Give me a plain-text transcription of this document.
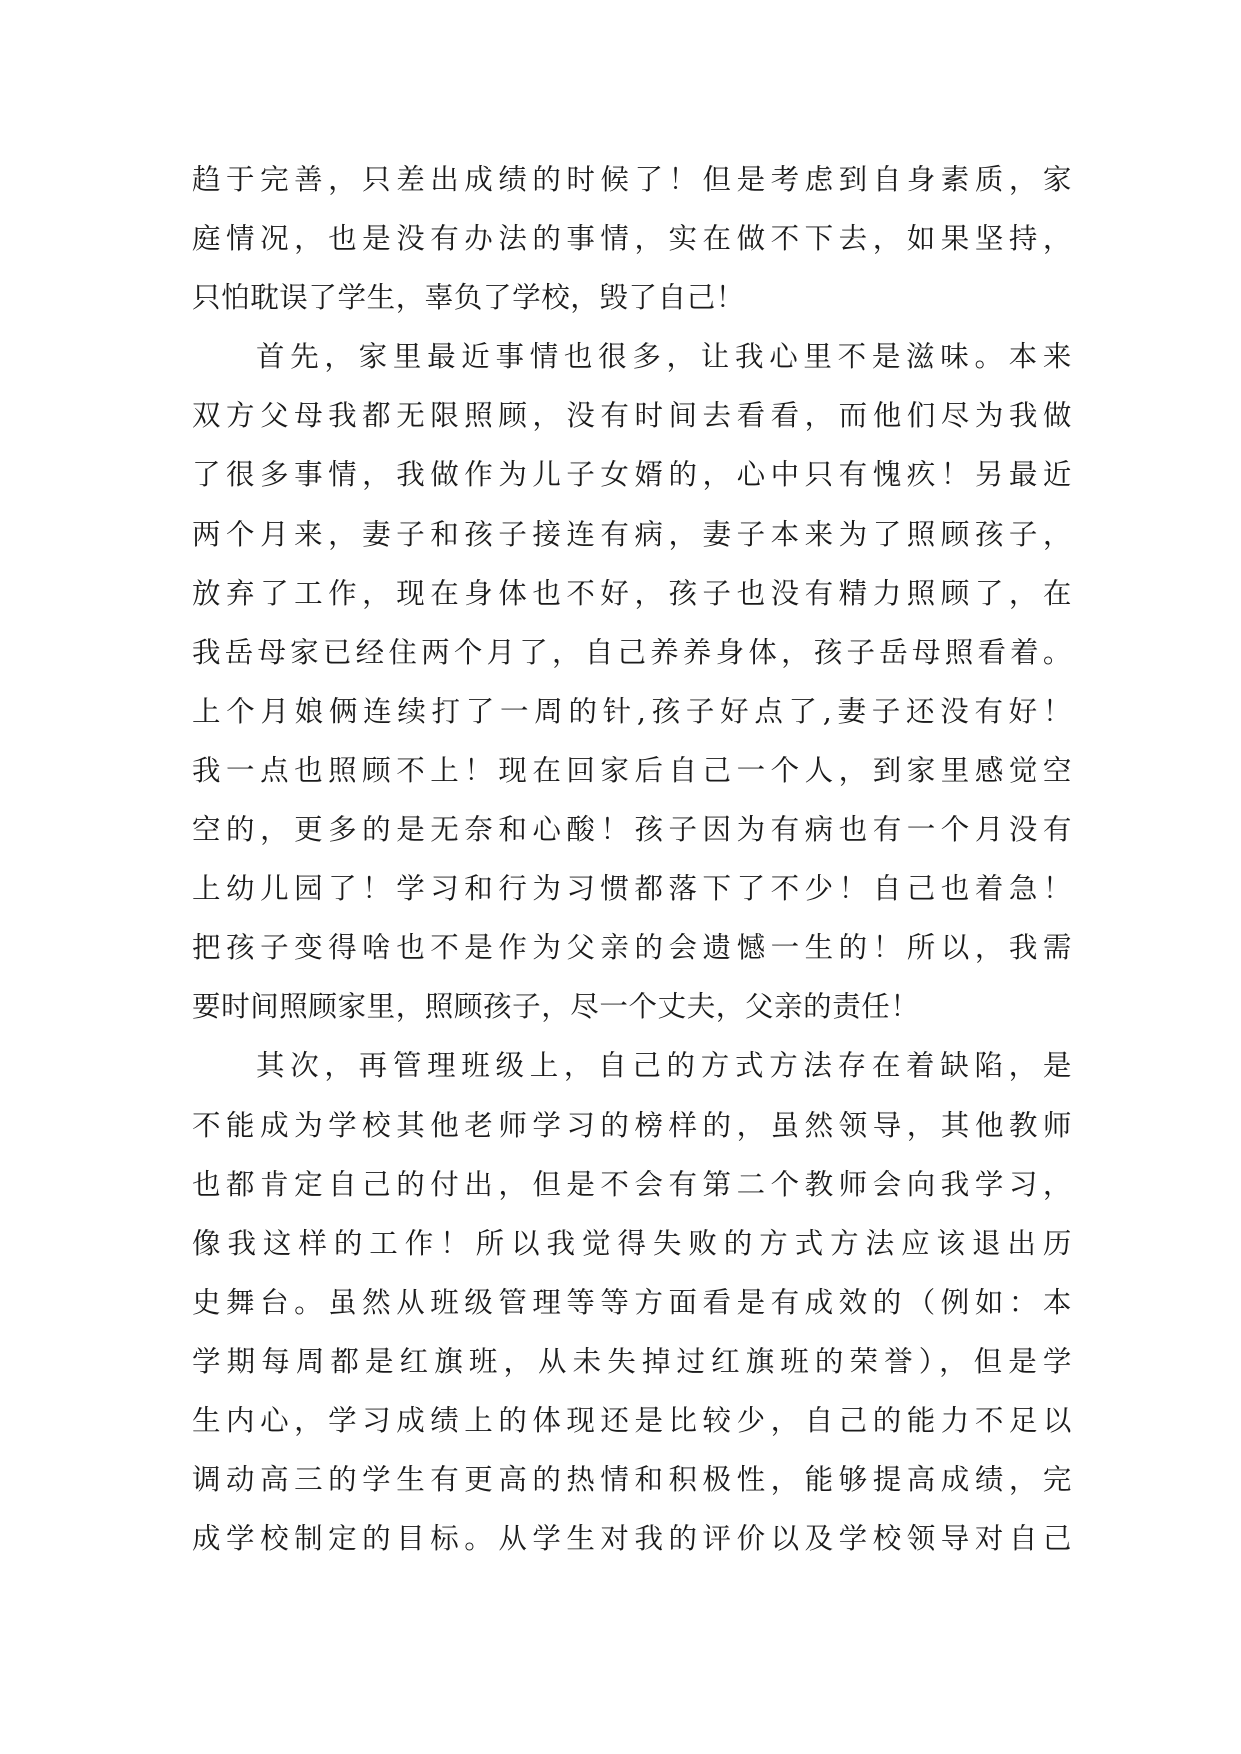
趋于完善，只差出成绩的时候了！但是考虑到自身素质，家
庭情况，也是没有办法的事情，实在做不下去，如果坚持，
只怕耽误了学生，辜负了学校，毁了自己！
首先，家里最近事情也很多，让我心里不是滋味。本来
双方父母我都无限照顾，没有时间去看看，而他们尽为我做
了很多事情，我做作为儿子女婿的，心中只有愧疚！另最近
两个月来，妻子和孩子接连有病，妻子本来为了照顾孩子，
放弃了工作，现在身体也不好，孩子也没有精力照顾了，在
我岳母家已经住两个月了，自己养养身体，孩子岳母照看着。
上个月娘俩连续打了一周的针,孩子好点了,妻子还没有好！
我一点也照顾不上！现在回家后自己一个人，到家里感觉空
空的，更多的是无奈和心酸！孩子因为有病也有一个月没有
上幼儿园了！学习和行为习惯都落下了不少！自己也着急！
把孩子变得啥也不是作为父亲的会遗憾一生的！所以，我需
要时间照顾家里，照顾孩子，尽一个丈夫，父亲的责任！
其次，再管理班级上，自己的方式方法存在着缺陷，是
不能成为学校其他老师学习的榜样的，虽然领导，其他教师
也都肯定自己的付出，但是不会有第二个教师会向我学习，
像我这样的工作！所以我觉得失败的方式方法应该退出历
史舞台。虽然从班级管理等等方面看是有成效的（例如：本
学期每周都是红旗班，从未失掉过红旗班的荣誉），但是学
生内心，学习成绩上的体现还是比较少，自己的能力不足以
调动高三的学生有更高的热情和积极性，能够提高成绩，完
成学校制定的目标。从学生对我的评价以及学校领导对自己
